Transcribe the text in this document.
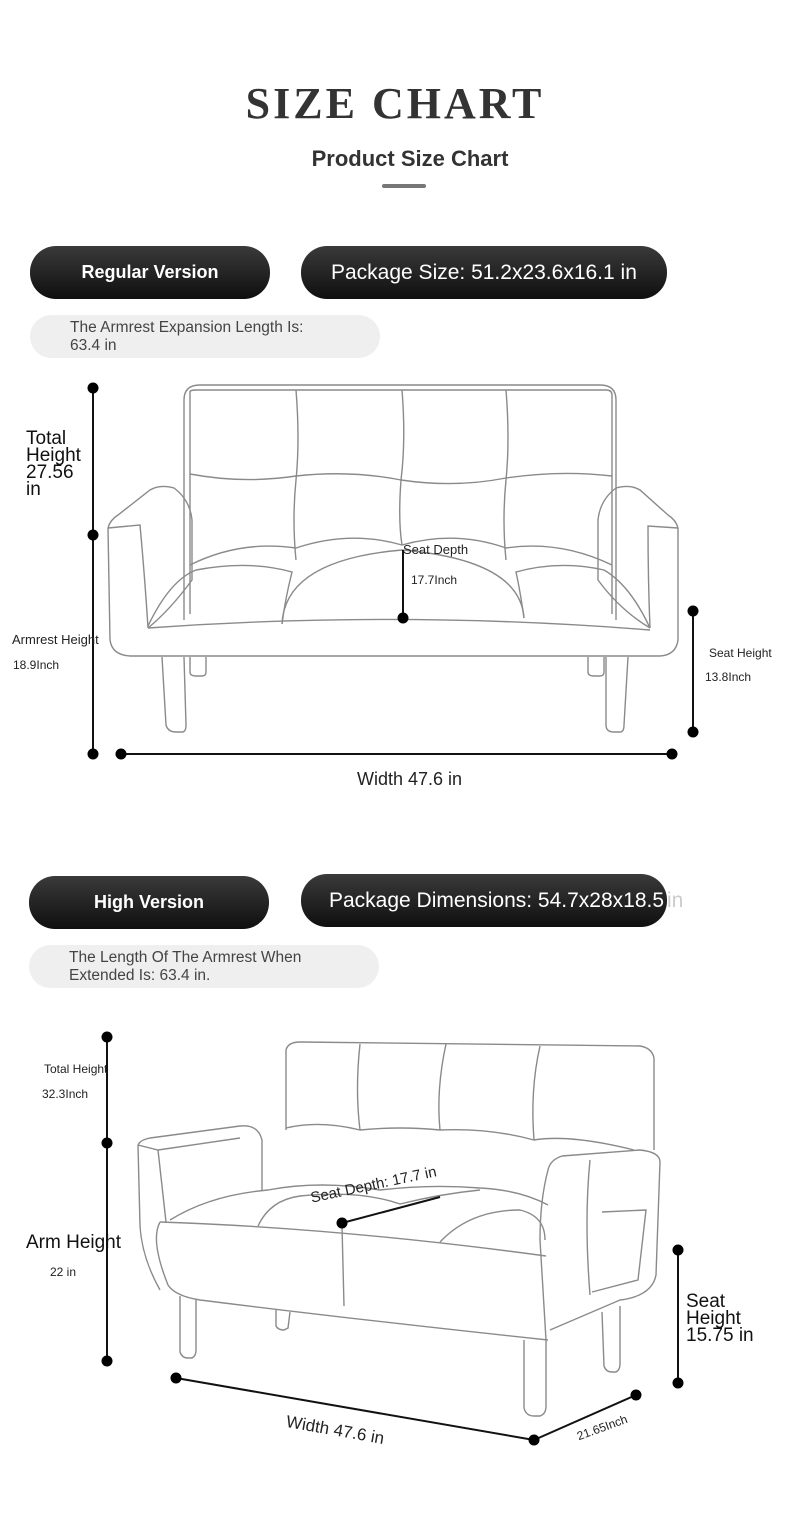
SIZE CHART
Product Size Chart
Regular Version	Package Size: 51.2x23.6x16.1 in
The Armrest Expansion Length Is:
63.4 in
Total
Height
27.56
in
Seat Depth
17.7Inch
Armrest Height
18.9Inch
Seat Height
13.8Inch
Width 47.6 in
High Version	Package Dimensions: 54.7x28x18.5 in
The Length Of The Armrest When
Extended Is: 63.4 in.
Total Height
32.3Inch
Seat Depth: 17.7 in
Arm Height
22 in
Seat
Height
15.75 in
Width 47.6 in	21.65Inch
